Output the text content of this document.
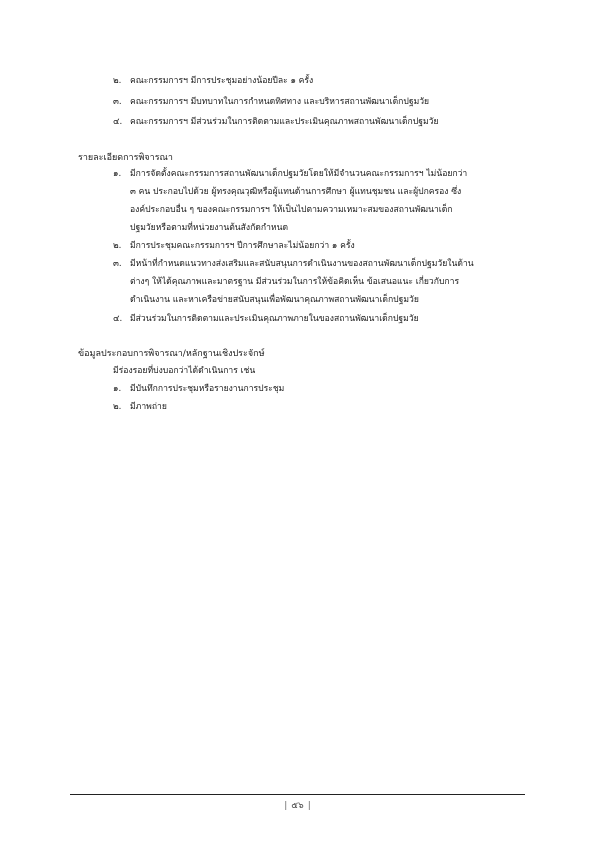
๒. คณะกรรมการฯ มีการประชุมอย่างน้อยปีละ ๑ ครั้ง
๓. คณะกรรมการฯ มีบทบาทในการกำหนดทิศทาง และบริหารสถานพัฒนาเด็กปฐมวัย
๔. คณะกรรมการฯ มีส่วนร่วมในการติดตามและประเมินคุณภาพสถานพัฒนาเด็กปฐมวัย
รายละเอียดการพิจารณา
๑. มีการจัดตั้งคณะกรรมการสถานพัฒนาเด็กปฐมวัยโดยให้มีจำนวนคณะกรรมการฯ ไม่น้อยกว่า
๓ คน ประกอบไปด้วย ผู้ทรงคุณวุฒิหรือผู้แทนด้านการศึกษา ผู้แทนชุมชน และผู้ปกครอง ซึ่ง
องค์ประกอบอื่น ๆ ของคณะกรรมการฯ ให้เป็นไปตามความเหมาะสมของสถานพัฒนาเด็ก
ปฐมวัยหรือตามที่หน่วยงานต้นสังกัดกำหนด
๒. มีการประชุมคณะกรรมการฯ ปีการศึกษาละไม่น้อยกว่า ๑ ครั้ง
๓. มีหน้าที่กำหนดแนวทางส่งเสริมและสนับสนุนการดำเนินงานของสถานพัฒนาเด็กปฐมวัยในด้าน
ต่างๆ ให้ได้คุณภาพและมาตรฐาน มีส่วนร่วมในการให้ข้อคิดเห็น ข้อเสนอแนะ เกี่ยวกับการ
ดำเนินงาน และหาเครือข่ายสนับสนุนเพื่อพัฒนาคุณภาพสถานพัฒนาเด็กปฐมวัย
๔. มีส่วนร่วมในการติดตามและประเมินคุณภาพภายในของสถานพัฒนาเด็กปฐมวัย
ข้อมูลประกอบการพิจารณา/หลักฐานเชิงประจักษ์
มีร่องรอยที่บ่งบอกว่าได้ดำเนินการ เช่น
๑. มีบันทึกการประชุมหรือรายงานการประชุม
๒. มีภาพถ่าย
| ๕๖ |
